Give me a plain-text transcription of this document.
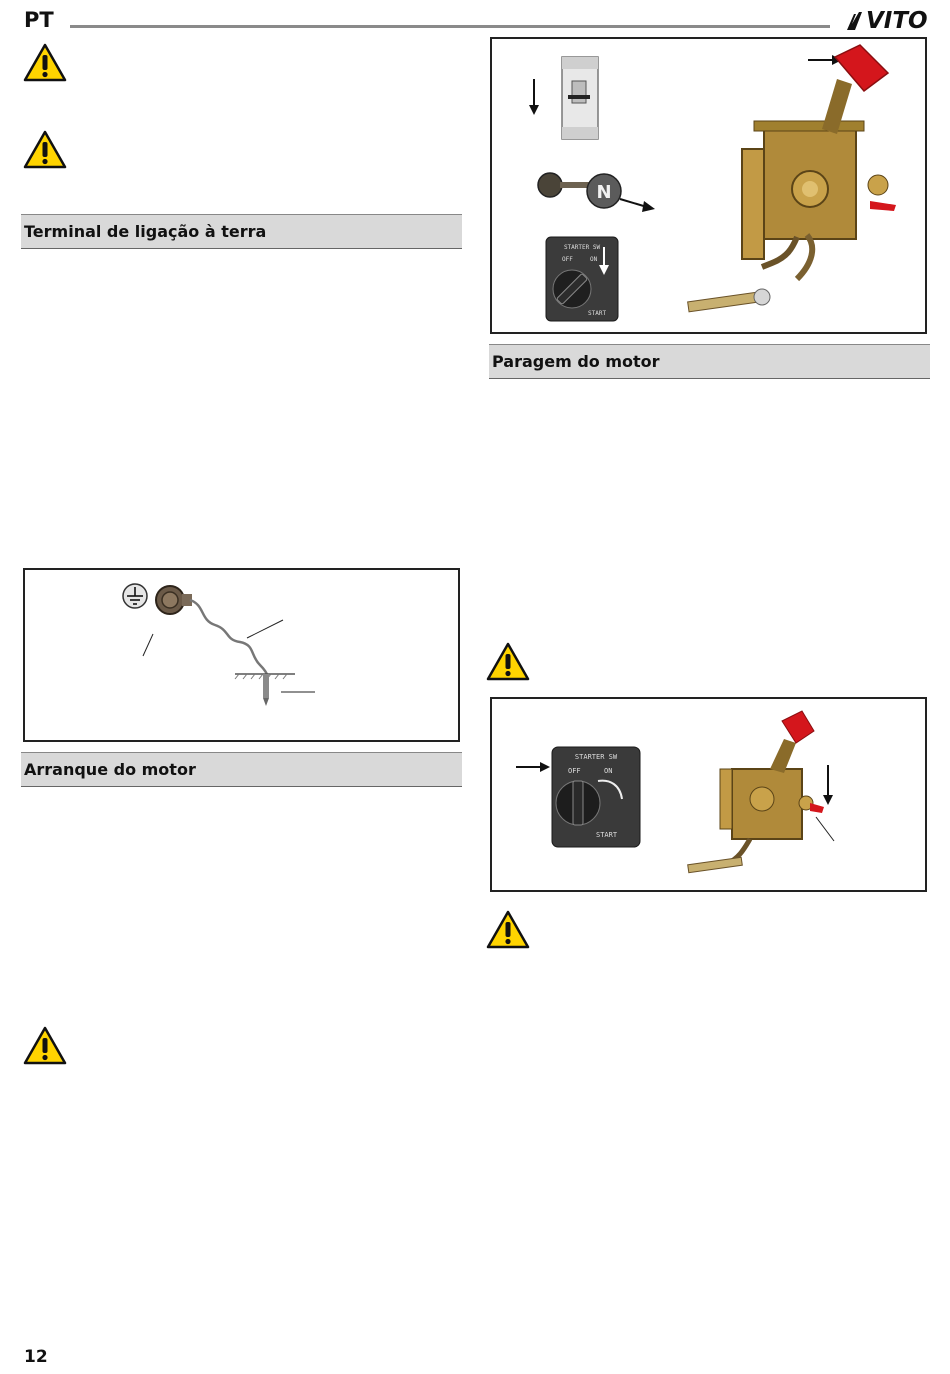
PT	VITO
Terminal de ligação à terra
Arranque do motor
N
STARTER SW
OFF	ON
START
Paragem do motor
STARTER SW
OFF	ON
START
12
